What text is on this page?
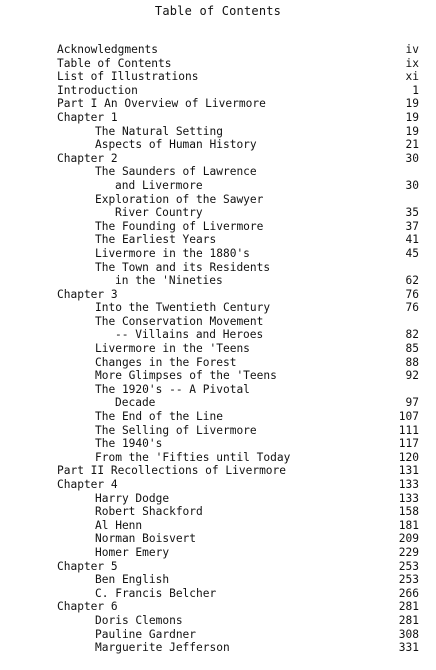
Table of Contents
Acknowledgments	iv
Table of Contents	ix
List of Illustrations	xi
Introduction	1
Part I An Overview of Livermore	19
Chapter 1	19
The Natural Setting	19
Aspects of Human History	21
Chapter 2	30
The Saunders of Lawrence
and Livermore	30
Exploration of the Sawyer
River Country	35
The Founding of Livermore	37
The Earliest Years	41
Livermore in the 1880's	45
The Town and its Residents
in the 'Nineties	62
Chapter 3	76
Into the Twentieth Century	76
The Conservation Movement
-- Villains and Heroes	82
Livermore in the 'Teens	85
Changes in the Forest	88
More Glimpses of the 'Teens	92
The 1920's -- A Pivotal
Decade	97
The End of the Line	107
The Selling of Livermore	111
The 1940's	117
From the 'Fifties until Today	120
Part II Recollections of Livermore	131
Chapter 4	133
Harry Dodge	133
Robert Shackford	158
Al Henn	181
Norman Boisvert	209
Homer Emery	229
Chapter 5	253
Ben English	253
C. Francis Belcher	266
Chapter 6	281
Doris Clemons	281
Pauline Gardner	308
Marguerite Jefferson	331
